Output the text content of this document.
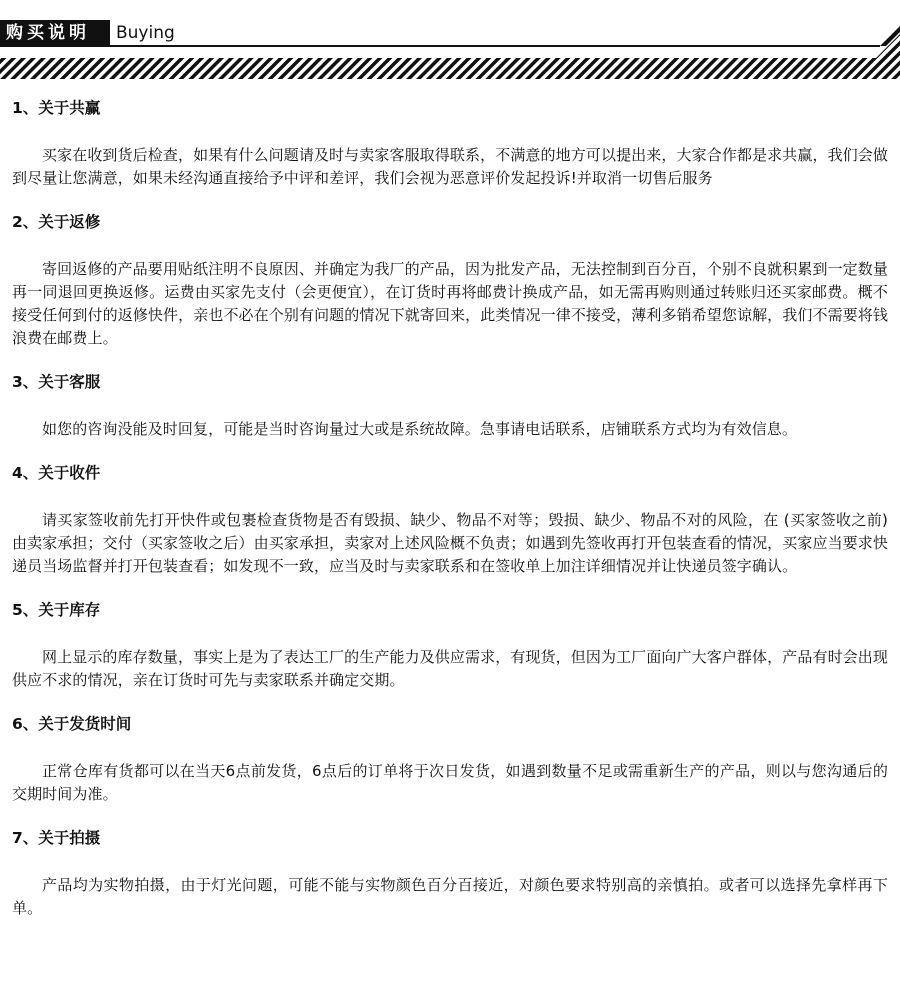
购买说明	Buying
1、关于共赢
买家在收到货后检查，如果有什么问题请及时与卖家客服取得联系，不满意的地方可以提出来，大家合作都是求共赢，我们会做到尽量让您满意，如果未经沟通直接给予中评和差评，我们会视为恶意评价发起投诉!并取消一切售后服务
2、关于返修
寄回返修的产品要用贴纸注明不良原因、并确定为我厂的产品，因为批发产品，无法控制到百分百，个别不良就积累到一定数量再一同退回更换返修。运费由买家先支付（会更便宜），在订货时再将邮费计换成产品，如无需再购则通过转账归还买家邮费。概不接受任何到付的返修快件，亲也不必在个别有问题的情况下就寄回来，此类情况一律不接受，薄利多销希望您谅解，我们不需要将钱浪费在邮费上。
3、关于客服
如您的咨询没能及时回复，可能是当时咨询量过大或是系统故障。急事请电话联系，店铺联系方式均为有效信息。
4、关于收件
请买家签收前先打开快件或包裹检查货物是否有毁损、缺少、物品不对等；毁损、缺少、物品不对的风险，在 (买家签收之前)由卖家承担；交付（买家签收之后）由买家承担，卖家对上述风险概不负责；如遇到先签收再打开包装查看的情况，买家应当要求快递员当场监督并打开包装查看；如发现不一致，应当及时与卖家联系和在签收单上加注详细情况并让快递员签字确认。
5、关于库存
网上显示的库存数量，事实上是为了表达工厂的生产能力及供应需求，有现货，但因为工厂面向广大客户群体，产品有时会出现供应不求的情况，亲在订货时可先与卖家联系并确定交期。
6、关于发货时间
正常仓库有货都可以在当天6点前发货，6点后的订单将于次日发货，如遇到数量不足或需重新生产的产品，则以与您沟通后的交期时间为准。
7、关于拍摄
产品均为实物拍摄，由于灯光问题，可能不能与实物颜色百分百接近，对颜色要求特别高的亲慎拍。或者可以选择先拿样再下单。
